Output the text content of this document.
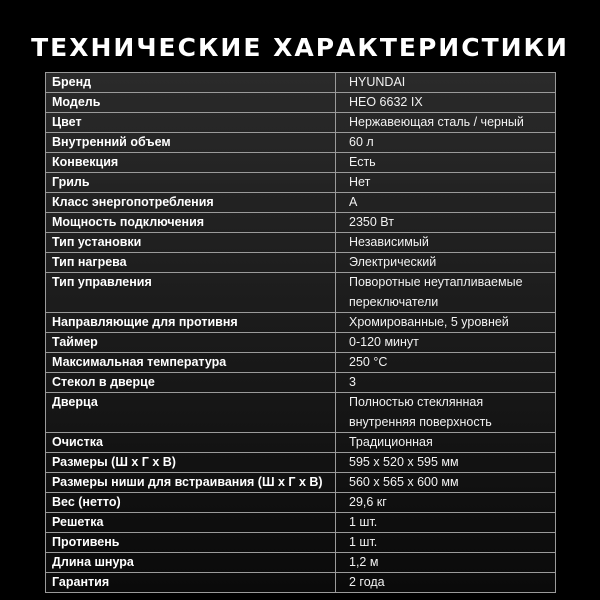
ТЕХНИЧЕСКИЕ ХАРАКТЕРИСТИКИ
Бренд	HYUNDAI
Модель	HEO 6632 IX
Цвет	Нержавеющая сталь / черный
Внутренний объем	60 л
Конвекция	Есть
Гриль	Нет
Класс энергопотребления	A
Мощность подключения	2350 Вт
Тип установки	Независимый
Тип нагрева	Электрический
Тип управления	Поворотные неутапливаемые
переключатели

Направляющие для противня	Хромированные, 5 уровней
Таймер	0-120 минут
Максимальная температура	250 °C
Стекол в дверце	3
Дверца	Полностью стеклянная
внутренняя поверхность

Очистка	Традиционная
Размеры (Ш х Г х В)	595 x 520 x 595 мм
Размеры ниши для встраивания (Ш х Г х В)	560 x 565 x 600 мм
Вес (нетто)	29,6 кг
Решетка	1 шт.
Противень	1 шт.
Длина шнура	1,2 м
Гарантия	2 года
